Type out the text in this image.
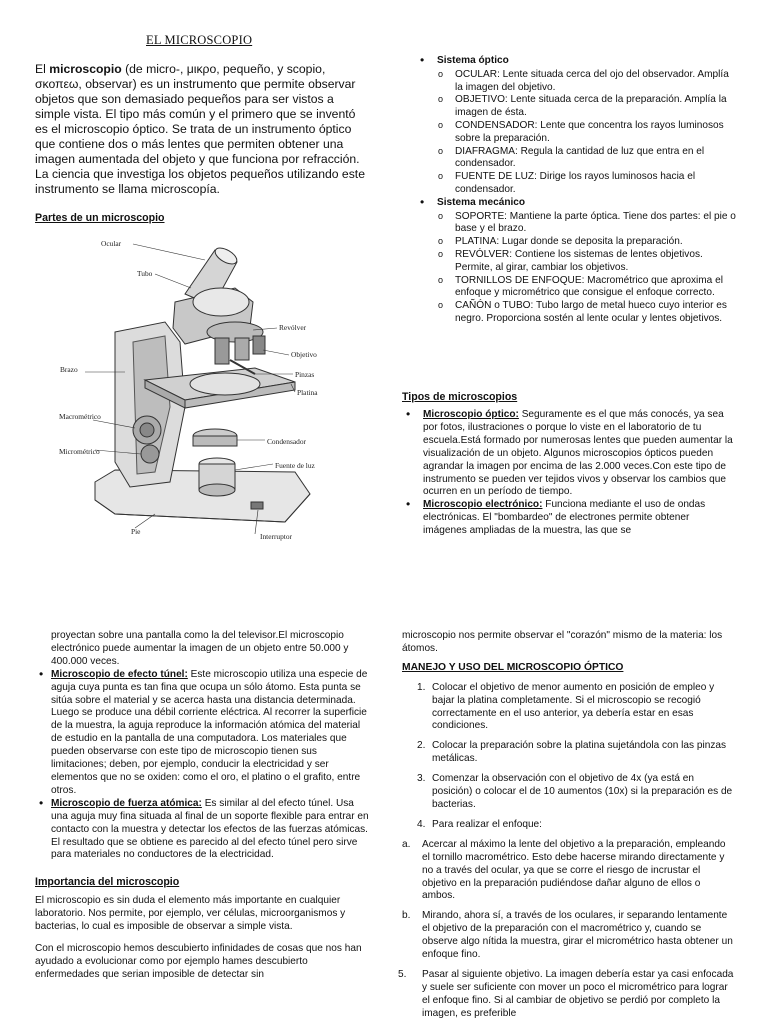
EL MICROSCOPIO
El microscopio (de micro-, μικρο, pequeño, y scopio, σκοπεω, observar) es un instrumento que permite observar objetos que son demasiado pequeños para ser vistos a simple vista. El tipo más común y el primero que se inventó es el microscopio óptico. Se trata de un instrumento óptico que contiene dos o más lentes que permiten obtener una imagen aumentada del objeto y que funciona por refracción. La ciencia que investiga los objetos pequeños utilizando este instrumento se llama microscopía.
Partes de un microscopio
Ocular
Tubo
Revólver
Objetivo
Pinzas
Platina
Brazo
Macrométrico
Micrométrico
Condensador
Fuente de luz
Pie
Interruptor
• Sistema óptico
o OCULAR: Lente situada cerca del ojo del observador. Amplía la imagen del objetivo.
o OBJETIVO: Lente situada cerca de la preparación. Amplía la imagen de ésta.
o CONDENSADOR: Lente que concentra los rayos luminosos sobre la preparación.
o DIAFRAGMA: Regula la cantidad de luz que entra en el condensador.
o FUENTE DE LUZ: Dirige los rayos luminosos hacia el condensador.
• Sistema mecánico
o SOPORTE: Mantiene la parte óptica. Tiene dos partes: el pie o base y el brazo.
o PLATINA: Lugar donde se deposita la preparación.
o REVÓLVER: Contiene los sistemas de lentes objetivos. Permite, al girar, cambiar los objetivos.
o TORNILLOS DE ENFOQUE: Macrométrico que aproxima el enfoque y micrométrico que consigue el enfoque correcto.
o CAÑÓN o TUBO: Tubo largo de metal hueco cuyo interior es negro. Proporciona sostén al lente ocular y lentes objetivos.
Tipos de microscopios
• Microscopio óptico: Seguramente es el que más conocés, ya sea por fotos, ilustraciones o porque lo viste en el laboratorio de tu escuela.Está formado por numerosas lentes que pueden aumentar la visualización de un objeto. Algunos microscopios ópticos pueden agrandar la imagen por encima de las 2.000 veces.Con este tipo de instrumento se pueden ver tejidos vivos y observar los cambios que ocurren en un período de tiempo.
• Microscopio electrónico: Funciona mediante el uso de ondas electrónicas. El "bombardeo" de electrones permite obtener imágenes ampliadas de la muestra, las que se

proyectan sobre una pantalla como la del televisor.El microscopio electrónico puede aumentar la imagen de un objeto entre 50.000 y 400.000 veces.

• Microscopio de efecto túnel: Este microscopio utiliza una especie de aguja cuya punta es tan fina que ocupa un sólo átomo. Esta punta se sitúa sobre el material y se acerca hasta una distancia determinada. Luego se produce una débil corriente eléctrica. Al recorrer la superficie de la muestra, la aguja reproduce la información atómica del material de estudio en la pantalla de una computadora. Los materiales que pueden observarse con este tipo de microscopio tienen sus limitaciones; deben, por ejemplo, conducir la electricidad y ser elementos que no se oxiden: como el oro, el platino o el grafito, entre otros.
• Microscopio de fuerza atómica: Es similar al del efecto túnel. Usa una aguja muy fina situada al final de un soporte flexible para entrar en contacto con la muestra y detectar los efectos de las fuerzas atómicas. El resultado que se obtiene es parecido al del efecto túnel pero sirve para materiales no conductores de la electricidad.
Importancia del microscopio

El microscopio es sin duda el elemento más importante en cualquier laboratorio. Nos permite, por ejemplo, ver células, microorganismos y bacterias, lo cual es imposible de observar a simple vista.

Con el microscopio hemos descubierto infinidades de cosas que nos han ayudado a evolucionar como por ejemplo hames descubierto enfermedades que serian imposible de detectar sin

microscopio nos permite observar el "corazón" mismo de la materia: los átomos.

MANEJO Y USO DEL MICROSCOPIO ÓPTICO
1. Colocar el objetivo de menor aumento en posición de empleo y bajar la platina completamente. Si el microscopio se recogió correctamente en el uso anterior, ya debería estar en esas condiciones.
2. Colocar la preparación sobre la platina sujetándola con las pinzas metálicas.
3. Comenzar la observación con el objetivo de 4x (ya está en posición) o colocar el de 10 aumentos (10x) si la preparación es de bacterias.
4. Para realizar el enfoque:
a. Acercar al máximo la lente del objetivo a la preparación, empleando el tornillo macrométrico. Esto debe hacerse mirando directamente y no a través del ocular, ya que se corre el riesgo de incrustar el objetivo en la preparación pudiéndose dañar alguno de ellos o ambos.
b. Mirando, ahora sí, a través de los oculares, ir separando lentamente el objetivo de la preparación con el macrométrico y, cuando se observe algo nítida la muestra, girar el micrométrico hasta obtener un enfoque fino.
5. Pasar al siguiente objetivo. La imagen debería estar ya casi enfocada y suele ser suficiente con mover un poco el micrométrico para lograr el enfoque fino. Si al cambiar de objetivo se perdió por completo la imagen, es preferible
